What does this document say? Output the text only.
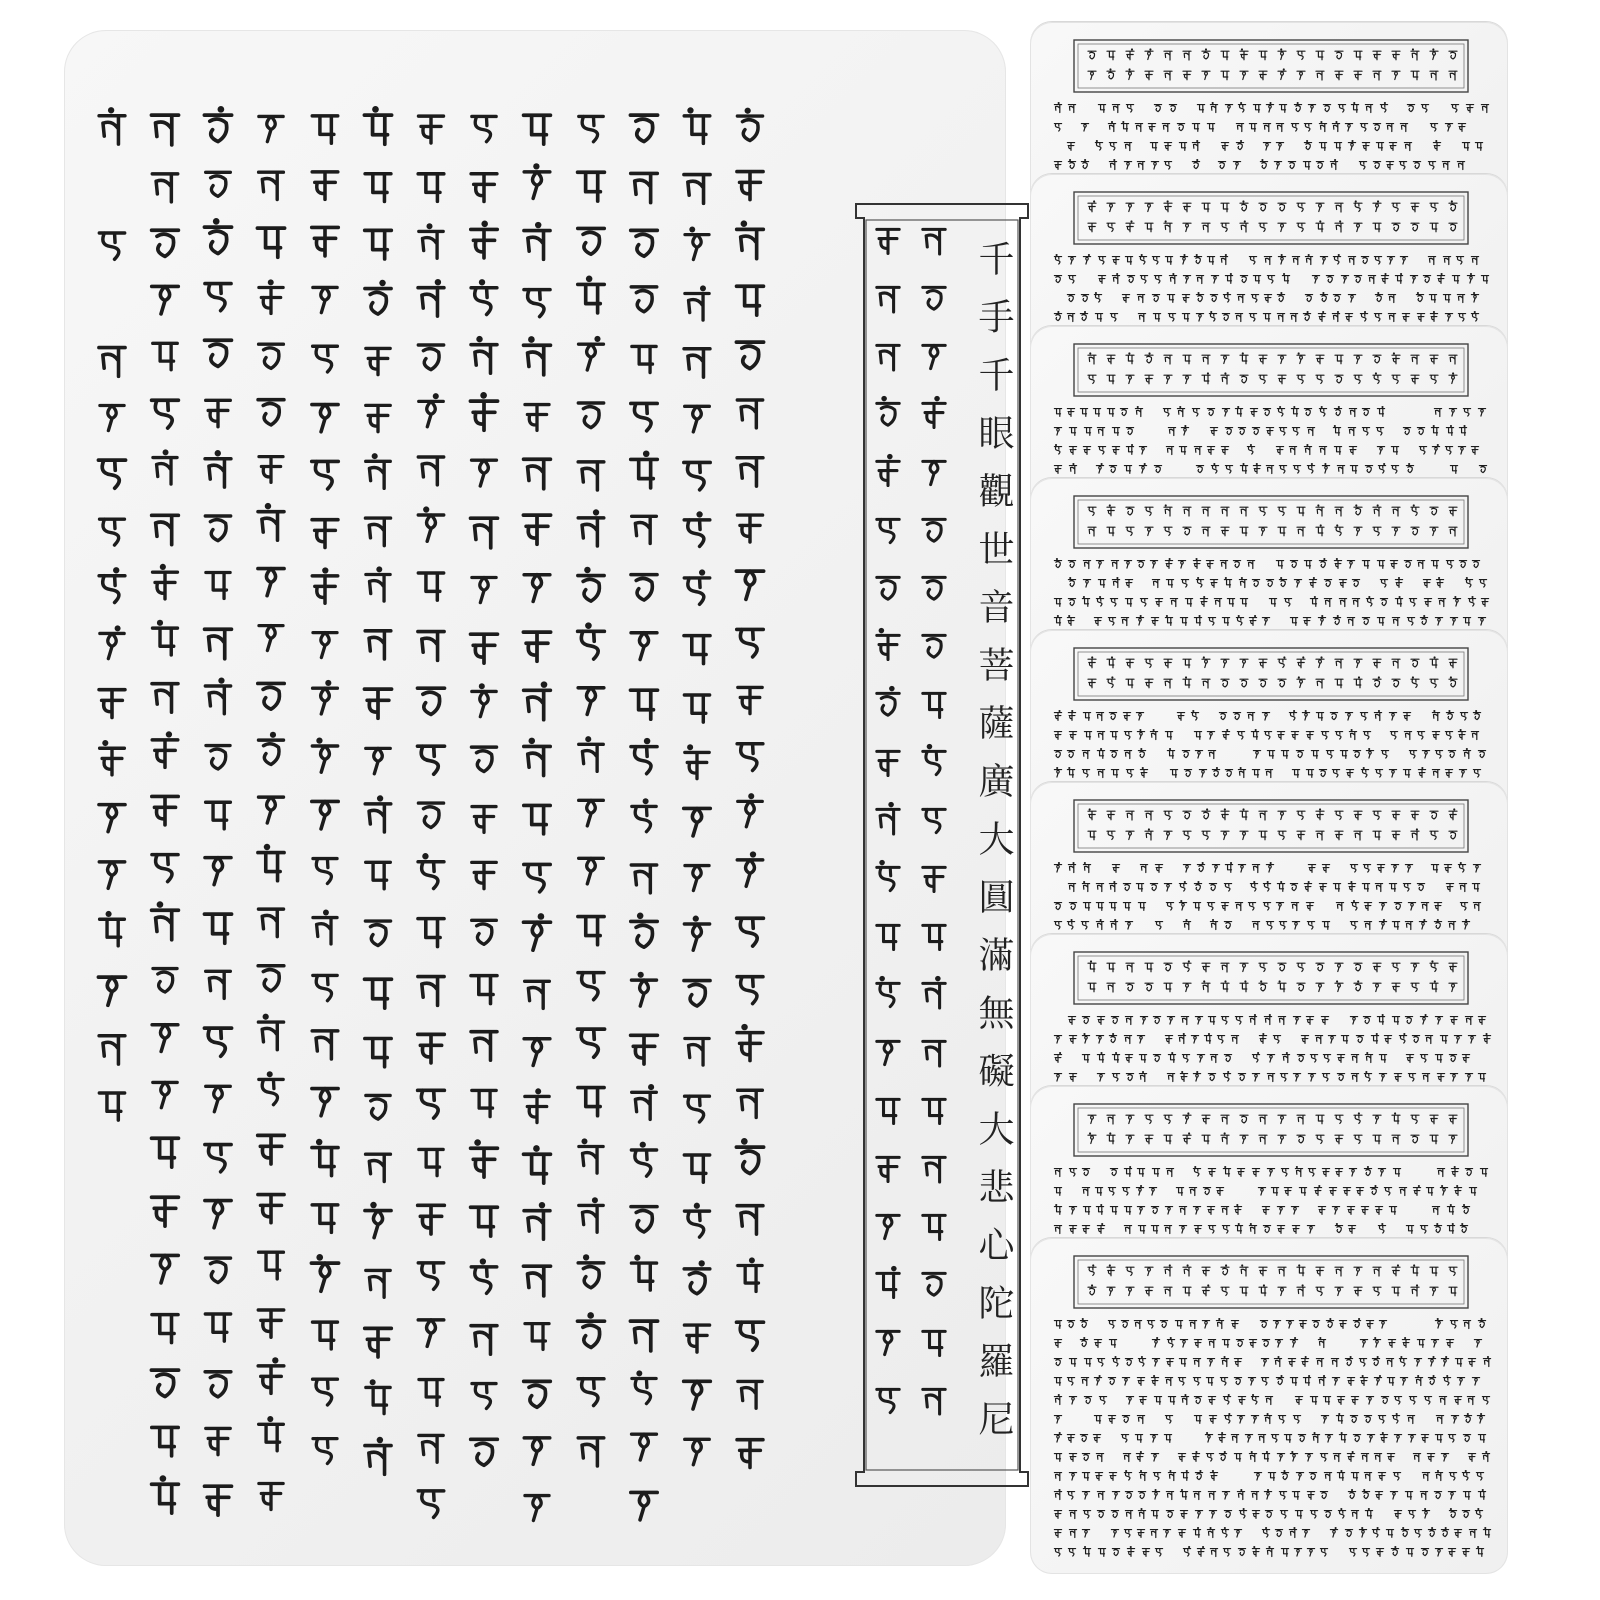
千手千眼觀世音菩薩廣大圓滿無礙大悲心陀羅尼
